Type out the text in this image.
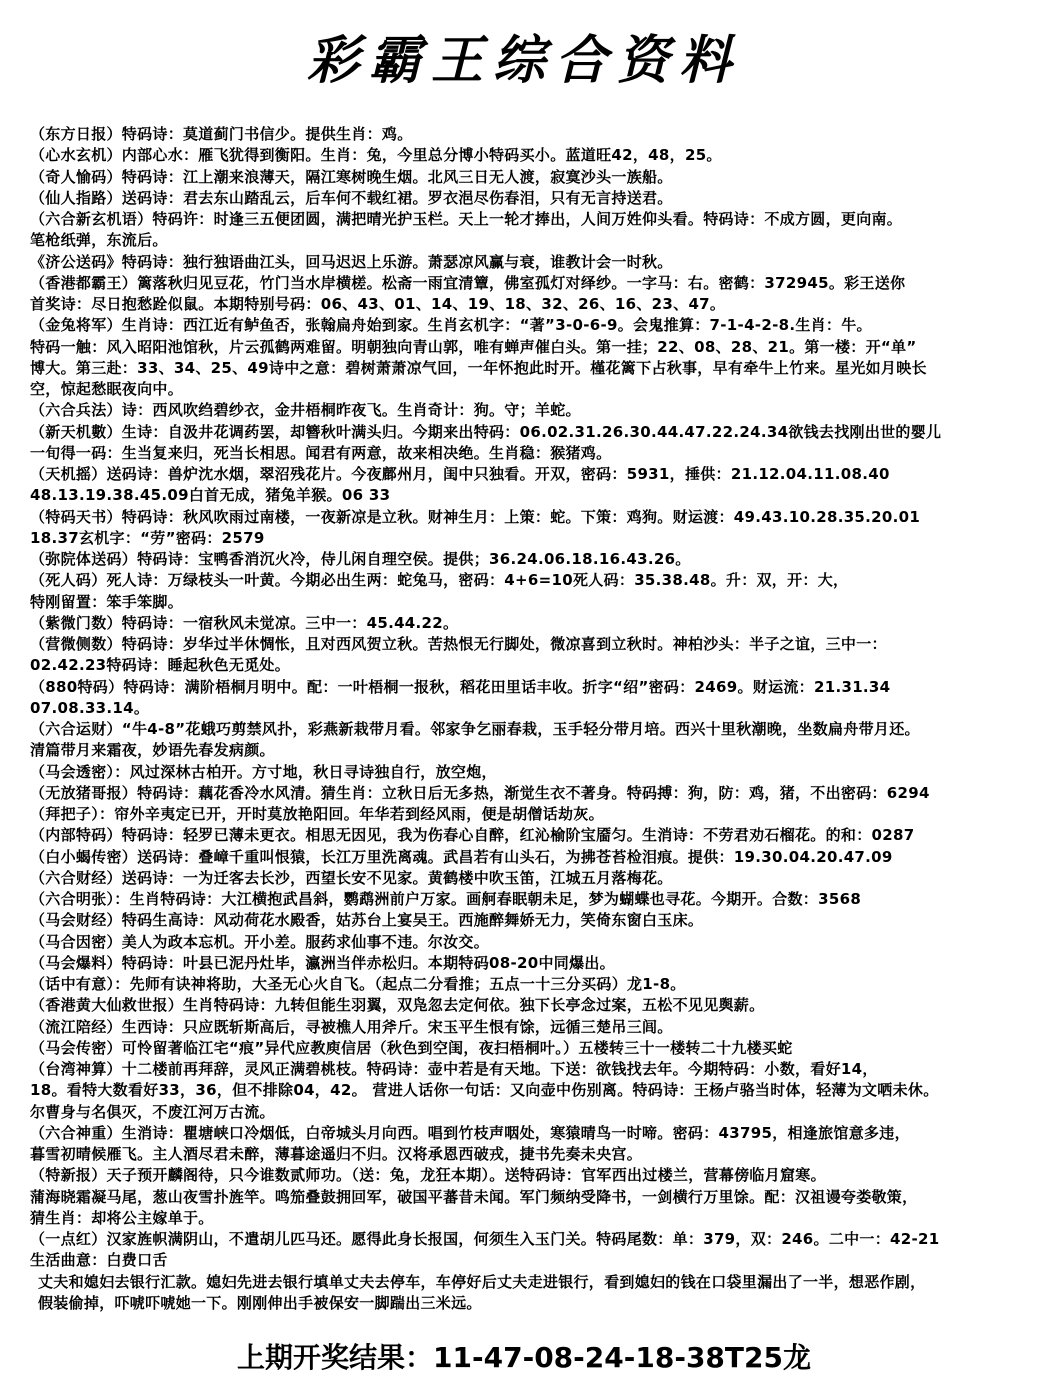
彩霸王综合资料
（东方日报）特码诗：莫道蓟门书信少。提供生肖：鸡。
（心水玄机）内部心水：雁飞犹得到衡阳。生肖：兔，今里总分博小特码买小。蓝道旺42，48，25。
（奇人愉码）特码诗：江上潮来浪薄天，隔江寒树晚生烟。北风三日无人渡，寂寞沙头一族船。
（仙人指路）送码诗：君去东山踏乱云，后车何不载红裙。罗衣浥尽伤春泪，只有无言持送君。
（六合新玄机语）特码许：时逢三五便团圆，满把晴光护玉栏。天上一轮才捧出，人间万姓仰头看。特码诗：不成方圆，更向南。
笔枪纸弹，东流后。
《济公送码》特码诗：独行独语曲江头，回马迟迟上乐游。萧瑟凉风赢与衰，谁教计会一时秋。
（香港都霸王）篱落秋归见豆花，竹门当水岸横槎。松斋一雨宜清簟，佛室孤灯对绎纱。一字马：右。密鹤：372945。彩王送你
首奖诗：尽日抱愁跧似鼠。本期特别号码：06、43、01、14、19、18、32、26、16、23、47。
（金兔将军）生肖诗：西江近有鲈鱼否，张翰扁舟始到家。生肖玄机字：“著”3-0-6-9。会鬼推算：7-1-4-2-8.生肖：牛。
特码一触：风入昭阳池馆秋，片云孤鹤两难留。明朝独向青山郭，唯有蝉声催白头。第一挂；22、08、28、21。第一楼：开“单”
博大。第三赴：33、34、25、49诗中之意：碧树萧萧凉气回，一年怀抱此时开。槿花篱下占秋事，早有牵牛上竹来。星光如月映长
空，惊起愁眠夜向中。
（六合兵法）诗：西风吹绉碧纱衣，金井梧桐昨夜飞。生肖奇计：狗。守；羊蛇。
（新天机數）生诗：自汲井花调药罢，却簪秋叶满头归。今期来出特码：06.02.31.26.30.44.47.22.24.34欲钱去找刚出世的婴儿
一旬得一码：生当复来归，死当长相思。闻君有两意，故来相决绝。生肖稳：猴猪鸡。
（天机摇）送码诗：兽炉沈水烟，翠沼残花片。今夜鄜州月，闺中只独看。开双，密码：5931，捶供：21.12.04.11.08.40
48.13.19.38.45.09白首无成，猪兔羊猴。06 33
（特码天书）特码诗：秋风吹雨过南楼，一夜新凉是立秋。财神生月：上策：蛇。下策：鸡狗。财运渡：49.43.10.28.35.20.01
18.37玄机字：“劳”密码：2579
（弥院体送码）特码诗：宝鸭香消沉火冷，侍儿闲自理空侯。提供；36.24.06.18.16.43.26。
（死人码）死人诗：万绿枝头一叶黄。今期必出生两：蛇兔马，密码：4+6=10死人码：35.38.48。升：双，开：大，
特刚留置：笨手笨脚。
（紫微门数）特码诗：一宿秋风未觉凉。三中一：45.44.22。
（营微侧数）特码诗：岁华过半休惆怅，且对西风贺立秋。苦热恨无行脚处，微凉喜到立秋时。神柏沙头：半子之谊，三中一：
02.42.23特码诗：睡起秋色无觅处。
（880特码）特码诗：满阶梧桐月明中。配：一叶梧桐一报秋，稻花田里话丰收。折字“绍”密码：2469。财运流：21.31.34
07.08.33.14。
（六合运财）“牛4-8”花蛾巧剪禁风扑，彩燕新栽带月看。邻家争乞丽春栽，玉手轻分带月培。西兴十里秋潮晚，坐数扁舟带月还。
清篇带月来霜夜，妙语先春发病颜。
（马会透密）：风过深林古柏开。方寸地，秋日寻诗独自行，放空炮，
（无放猪哥报）特码诗：藕花香冷水风清。猜生肖：立秋日后无多热，渐觉生衣不著身。特码搏：狗，防：鸡，猪，不出密码：6294
（拜把子）：帘外辛夷定已开，开时莫放艳阳回。年华若到经风雨，便是胡僧话劫灰。
（内部特码）特码诗：轻罗已薄未更衣。相思无因见，我为伤春心自醉，红沁榆阶宝靥匀。生消诗：不劳君劝石榴花。的和：0287
（白小蝎传密）送码诗：叠嶂千重叫恨猿，长江万里洗离魂。武昌若有山头石，为拂苍苔检泪痕。提供：19.30.04.20.47.09
（六合财经）送码诗：一为迁客去长沙，西望长安不见家。黄鹤楼中吹玉笛，江城五月落梅花。
（六合明张）：生肖特码诗：大江横抱武昌斜，鹦鹉洲前户万家。画舸春眠朝未足，梦为蝴蝶也寻花。今期开。合数：3568
（马会财经）特码生高诗：风动荷花水殿香，姑苏台上宴吴王。西施醉舞娇无力，笑倚东窗白玉床。
（马合因密）美人为政本忘机。开小差。服药求仙事不违。尔汝交。
（马会爆料）特码诗：叶县已泥丹灶毕，瀛洲当伴赤松归。本期特码08-20中同爆出。
（话中有意）：先师有诀神将助，大圣无心火自飞。（起点二分看推；五点一十三分买码）龙1-8。
（香港黄大仙救世报）生肖特码诗：九转但能生羽翼，双凫忽去定何依。独下长亭念过案，五松不见见舆薪。
（流江陪经）生西诗：只应既斩斯高后，寻被樵人用斧斤。宋玉平生恨有馀，远循三楚吊三闾。
（马会传密）可怜留著临江宅“痕”异代应教庾信居（秋色到空闺，夜扫梧桐叶。）五楼转三十一楼转二十九楼买蛇
（台湾神算）十二楼前再拜辞，灵风正满碧桃枝。特码诗：壶中若是有天地。下送：欲钱找去年。今期特码：小数，看好14，
18。看特大数看好33，36，但不排除04，42。 营进人话你一句话：又向壶中伤别离。特码诗：王杨卢骆当时体，轻薄为文哂未休。
尔曹身与名俱灭，不废江河万古流。
（六合神重）生消诗：瞿塘峡口冷烟低，白帝城头月向西。唱到竹枝声咽处，寒猿晴鸟一时啼。密码：43795，相逢旅馆意多违，
暮雪初晴候雁飞。主人酒尽君未醉，薄暮途遥归不归。汉将承恩西破戎，捷书先奏未央宫。
（特新报）天子预开麟阁待，只今谁数贰师功。（送：兔，龙狂本期）。送特码诗：官军西出过楼兰，营幕傍临月窟寒。
蒲海晓霜凝马尾，葱山夜雪扑旌竿。鸣笳叠鼓拥回军，破国平蕃昔未闻。军门频纳受降书，一剑横行万里馀。配：汉祖谩夸娄敬策，
猜生肖：却将公主嫁单于。
（一点红）汉家旌帜满阴山，不遣胡儿匹马还。愿得此身长报国，何须生入玉门关。特码尾数：单：379，双：246。二中一：42-21
生活曲意：白费口舌
丈夫和媳妇去银行汇款。媳妇先进去银行填单丈夫去停车，车停好后丈夫走进银行，看到媳妇的钱在口袋里漏出了一半，想恶作剧，
假装偷掉，吓唬吓唬她一下。刚刚伸出手被保安一脚踹出三米远。
上期开奖结果：11-47-08-24-18-38T25龙
